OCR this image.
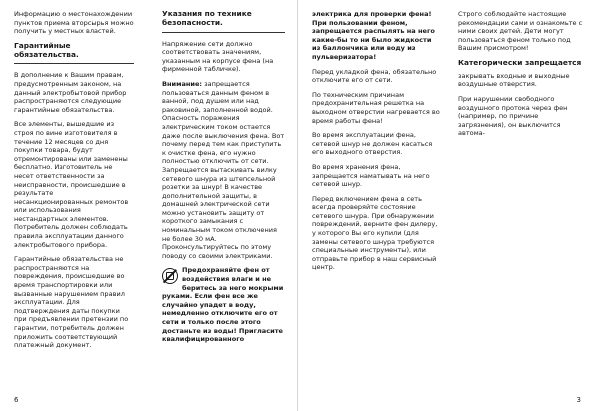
Информацию о местонахождении пунктов приема вторсырья можно получить у местных властей.

Гарантийные обязательства.

В дополнение к Вашим правам, предусмотренным законом, на данный электробытовой прибор распространяются следующие гарантийные обязательства.

Все элементы, вышедшие из строя по вине изготовителя в течение 12 месяцев со дня покупки товара, будут отремонтированы или заменены бесплатно. Изготовитель не несет ответственности за неисправности, происшедшие в результате несанкционированных ремонтов или использования нестандартных элементов. Потребитель должен соблюдать правила эксплуатации данного электробытового прибора.

Гарантийные обязательства не распространяются на повреждения, происшедшие во время транспортировки или вызванные нарушением правил эксплуатации. Для подтверждения даты покупки при предъявлении претензии по гарантии, потребитель должен приложить соответствующий платежный документ.

Указания по технике безопасности.

Напряжение сети должно соответствовать значениям, указанным на корпусе фена (на фирменной табличке).

Внимание: запрещается пользоваться данным феном в ванной, под душем или над раковиной, заполненной водой. Опасность поражения электрическим током остается даже после выключения фена. Вот почему перед тем как приступить к очистке фена, его нужно полностью отключить от сети. Запрещается вытаскивать вилку сетевого шнура из штепсельной розетки за шнур! В качестве дополнительной защиты, в домашней электрической сети можно установить защиту от короткого замыкания с номинальным током отключения не более 30 мА. Проконсультируйтесь по этому поводу со своими электриками.

Предохраняйте фен от воздействия влаги и не беритесь за него мокрыми руками. Если фен все же случайно упадет в воду, немедленно отключите его от сети и только после этого достаньте из воды! Пригласите квалифицированного

6

электрика для проверки фена! При пользовании феном, запрещается распылять на него какие-бы то ни было жидкости из баллончика или воду из пульверизатора!

Перед укладкой фена, обязательно отключите его от сети.

По техническим причинам предохранительная решетка на выходном отверстии нагревается во время работы фена!

Во время эксплуатации фена, сетевой шнур не должен касаться его выходного отверстия.

Во время хранения фена, запрещается наматывать на него сетевой шнур.

Перед включением фена в сеть всегда проверяйте состояние сетевого шнура. При обнаружении повреждений, верните фен дилеру, у которого Вы его купили (для замены сетевого шнура требуются специальные инструменты), или отправьте прибор в наш сервисный центр.

Строго соблюдайте настоящие рекомендации сами и ознакомьте с ними своих детей. Дети могут пользоваться феном только под Вашим присмотром!

Категорически запрещается

закрывать входные и выходные воздушные отверстия.

При нарушении свободного воздушного протока через фен (например, по причине загрязнения), он выключится автома-

3
